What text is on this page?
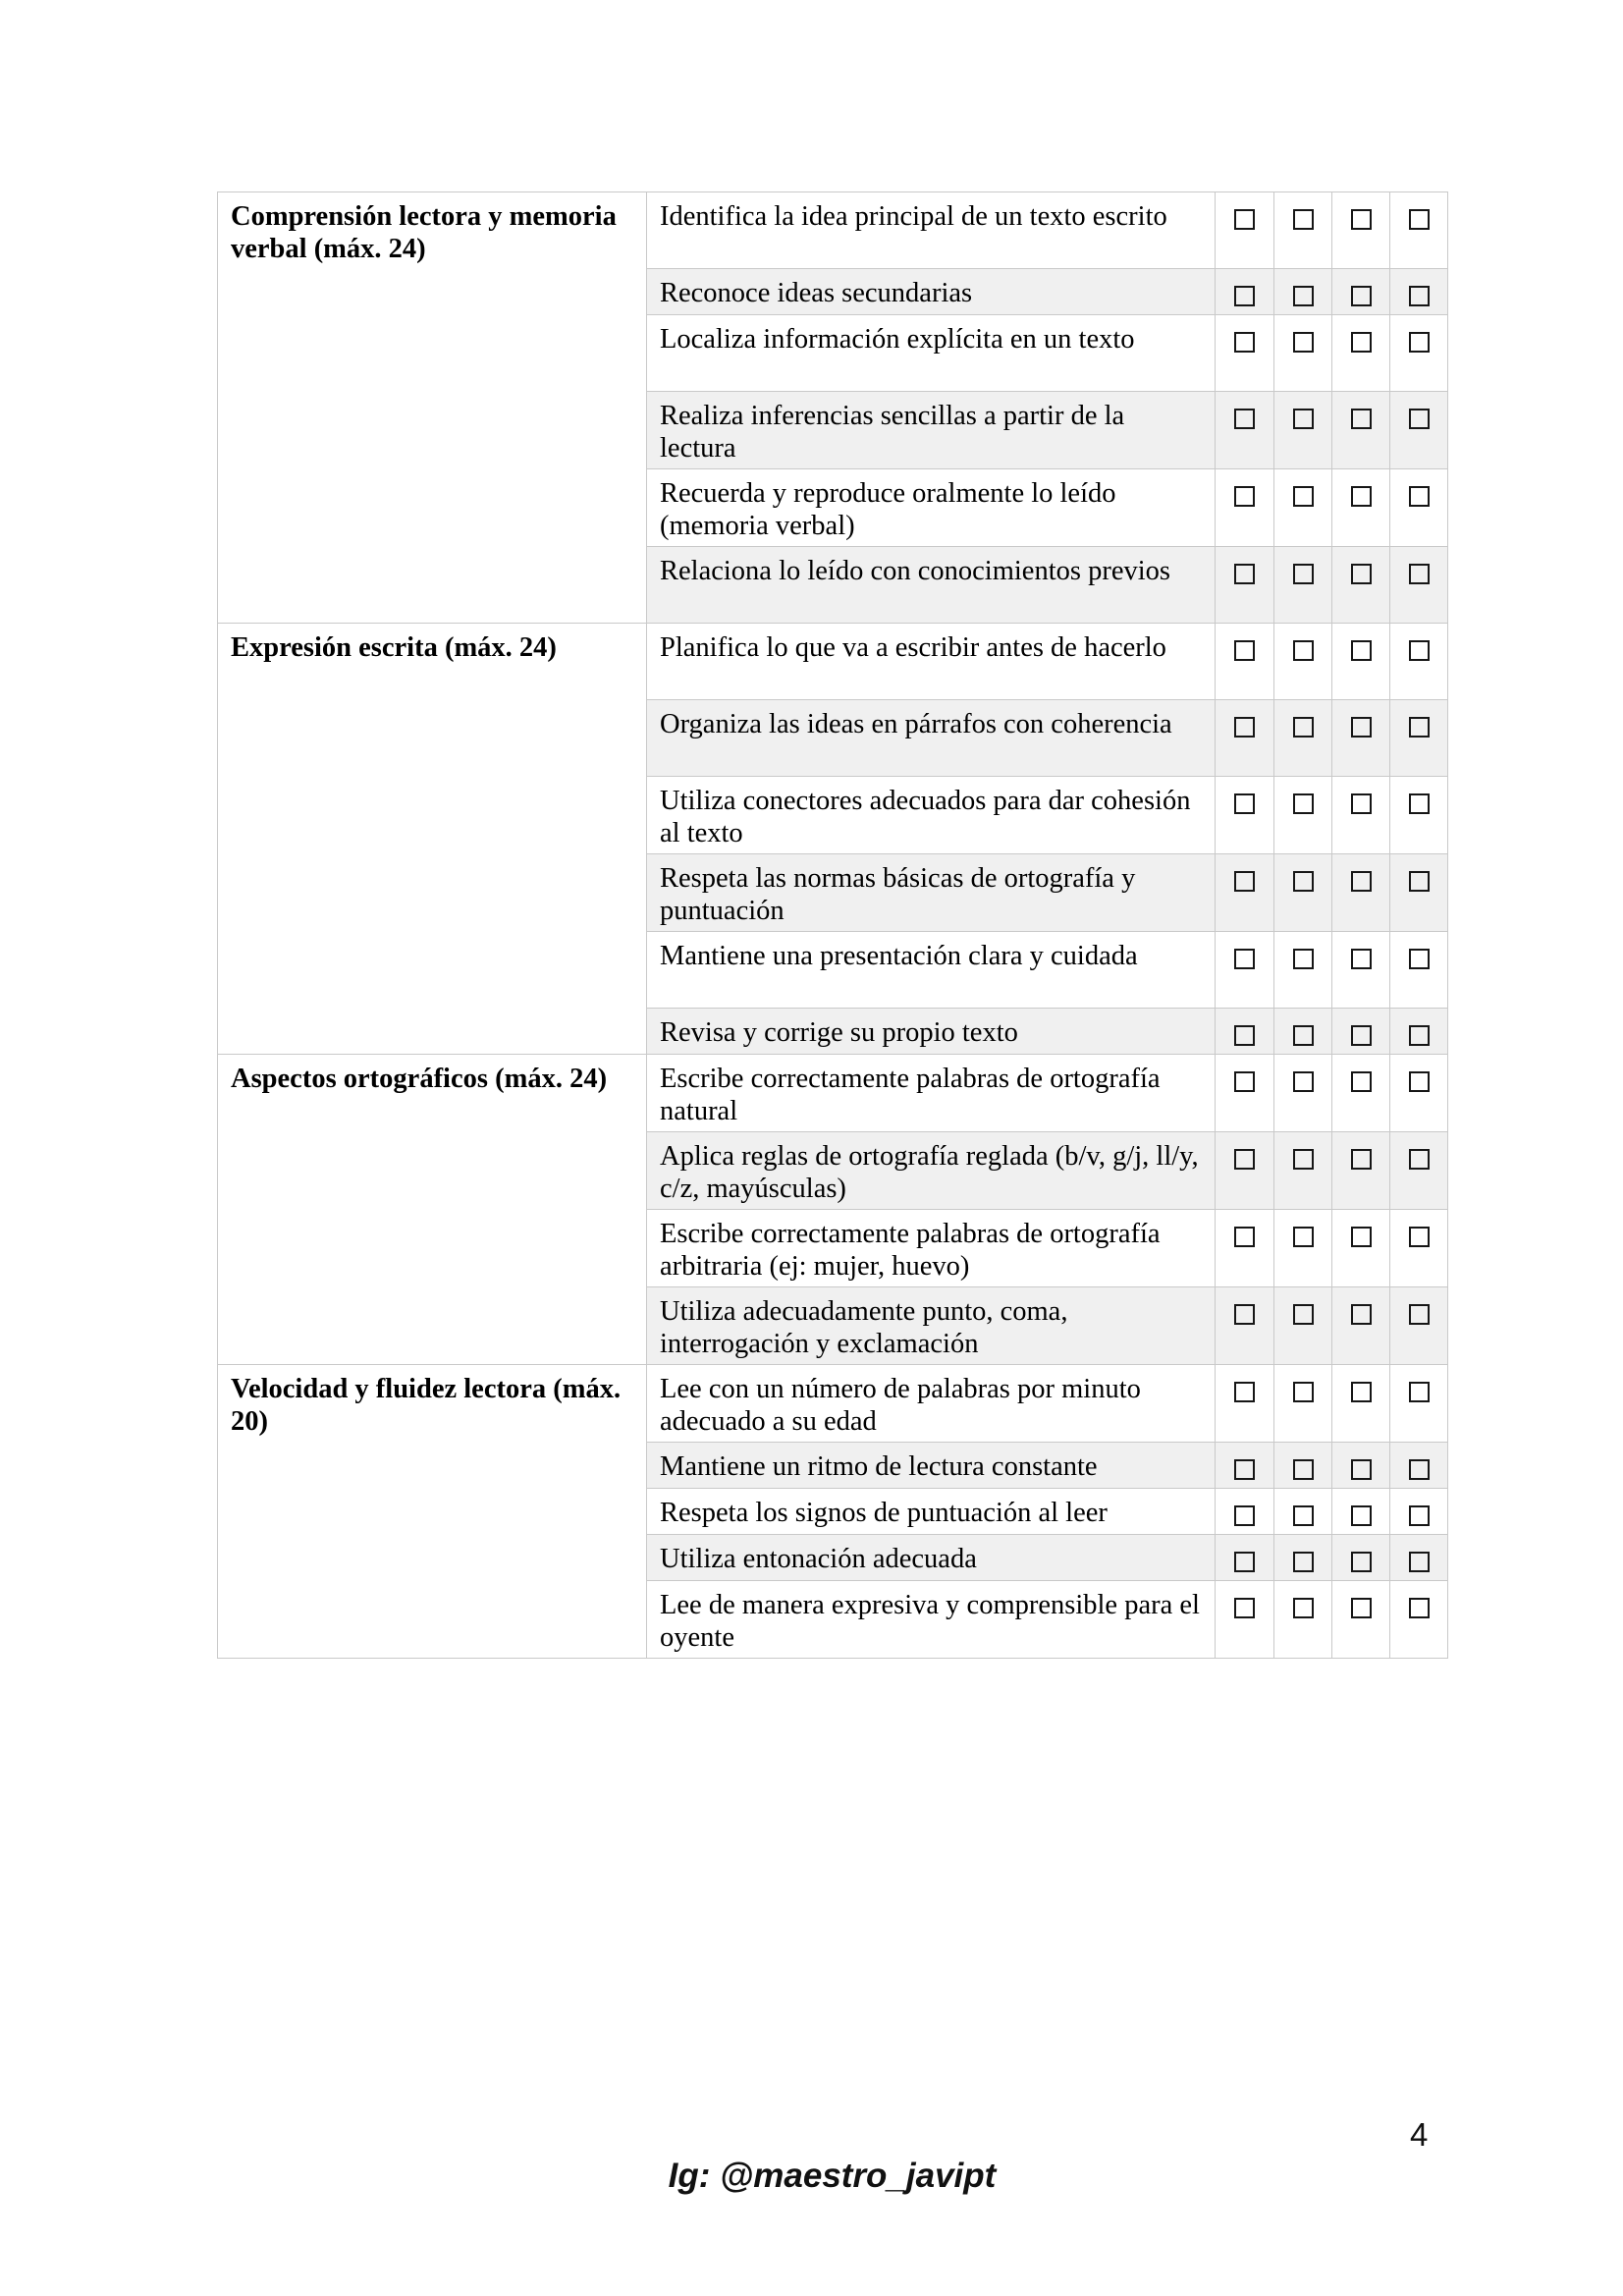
Comprensión lectora y memoria verbal (máx. 24)	Identifica la idea principal de un texto escrito				
	Reconoce ideas secundarias				
	Localiza información explícita en un texto				
	Realiza inferencias sencillas a partir de la lectura				
	Recuerda y reproduce oralmente lo leído (memoria verbal)				
	Relaciona lo leído con conocimientos previos				
Expresión escrita (máx. 24)	Planifica lo que va a escribir antes de hacerlo				
	Organiza las ideas en párrafos con coherencia				
	Utiliza conectores adecuados para dar cohesión al texto				
	Respeta las normas básicas de ortografía y puntuación				
	Mantiene una presentación clara y cuidada				
	Revisa y corrige su propio texto				
Aspectos ortográficos (máx. 24)	Escribe correctamente palabras de ortografía natural				
	Aplica reglas de ortografía reglada (b/v, g/j, ll/y, c/z, mayúsculas)				
	Escribe correctamente palabras de ortografía arbitraria (ej: mujer, huevo)				
	Utiliza adecuadamente punto, coma, interrogación y exclamación				
Velocidad y fluidez lectora (máx. 20)	Lee con un número de palabras por minuto adecuado a su edad				
	Mantiene un ritmo de lectura constante				
	Respeta los signos de puntuación al leer				
	Utiliza entonación adecuada				
	Lee de manera expresiva y comprensible para el oyente				
4
Ig: @maestro_javipt
